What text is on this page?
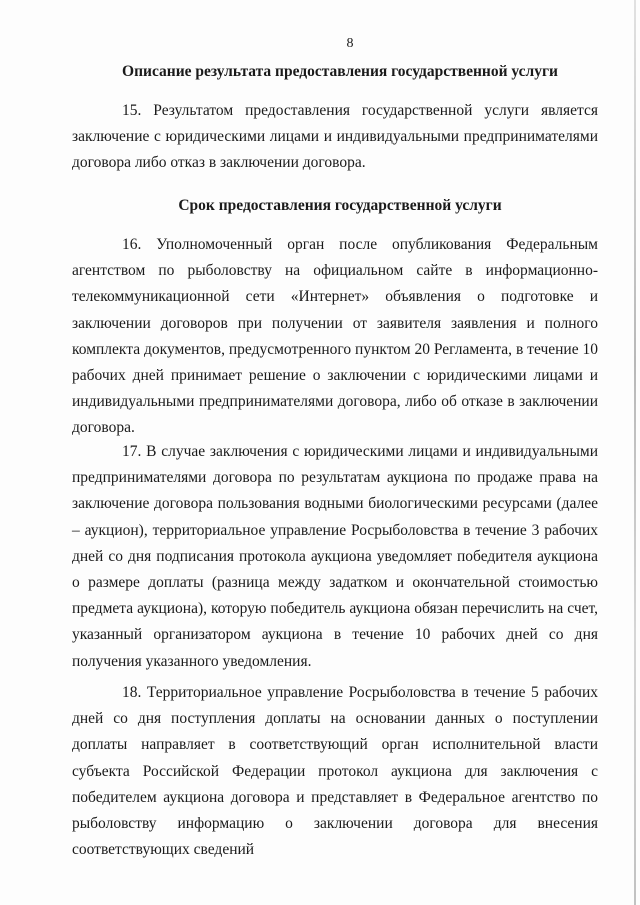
8
Описание результата предоставления государственной услуги

15. Результатом предоставления государственной услуги является заключение с юридическими лицами и индивидуальными предпринимателями договора либо отказ в заключении договора.

Срок предоставления государственной услуги

16. Уполномоченный орган после опубликования Федеральным агентством по рыболовству на официальном сайте в информационно-телекоммуникационной сети «Интернет» объявления о подготовке и заключении договоров при получении от заявителя заявления и полного комплекта документов, предусмотренного пунктом 20 Регламента, в течение 10 рабочих дней принимает решение о заключении с юридическими лицами и индивидуальными предпринимателями договора, либо об отказе в заключении договора.

17. В случае заключения с юридическими лицами и индивидуальными предпринимателями договора по результатам аукциона по продаже права на заключение договора пользования водными биологическими ресурсами (далее – аукцион), территориальное управление Росрыболовства в течение 3 рабочих дней со дня подписания протокола аукциона уведомляет победителя аукциона о размере доплаты (разница между задатком и окончательной стоимостью предмета аукциона), которую победитель аукциона обязан перечислить на счет, указанный организатором аукциона в течение 10 рабочих дней со дня получения указанного уведомления.

18. Территориальное управление Росрыболовства в течение 5 рабочих дней со дня поступления доплаты на основании данных о поступлении доплаты направляет в соответствующий орган исполнительной власти субъекта Российской Федерации протокол аукциона для заключения с победителем аукциона договора и представляет в Федеральное агентство по рыболовству информацию о заключении договора для внесения соответствующих сведений
